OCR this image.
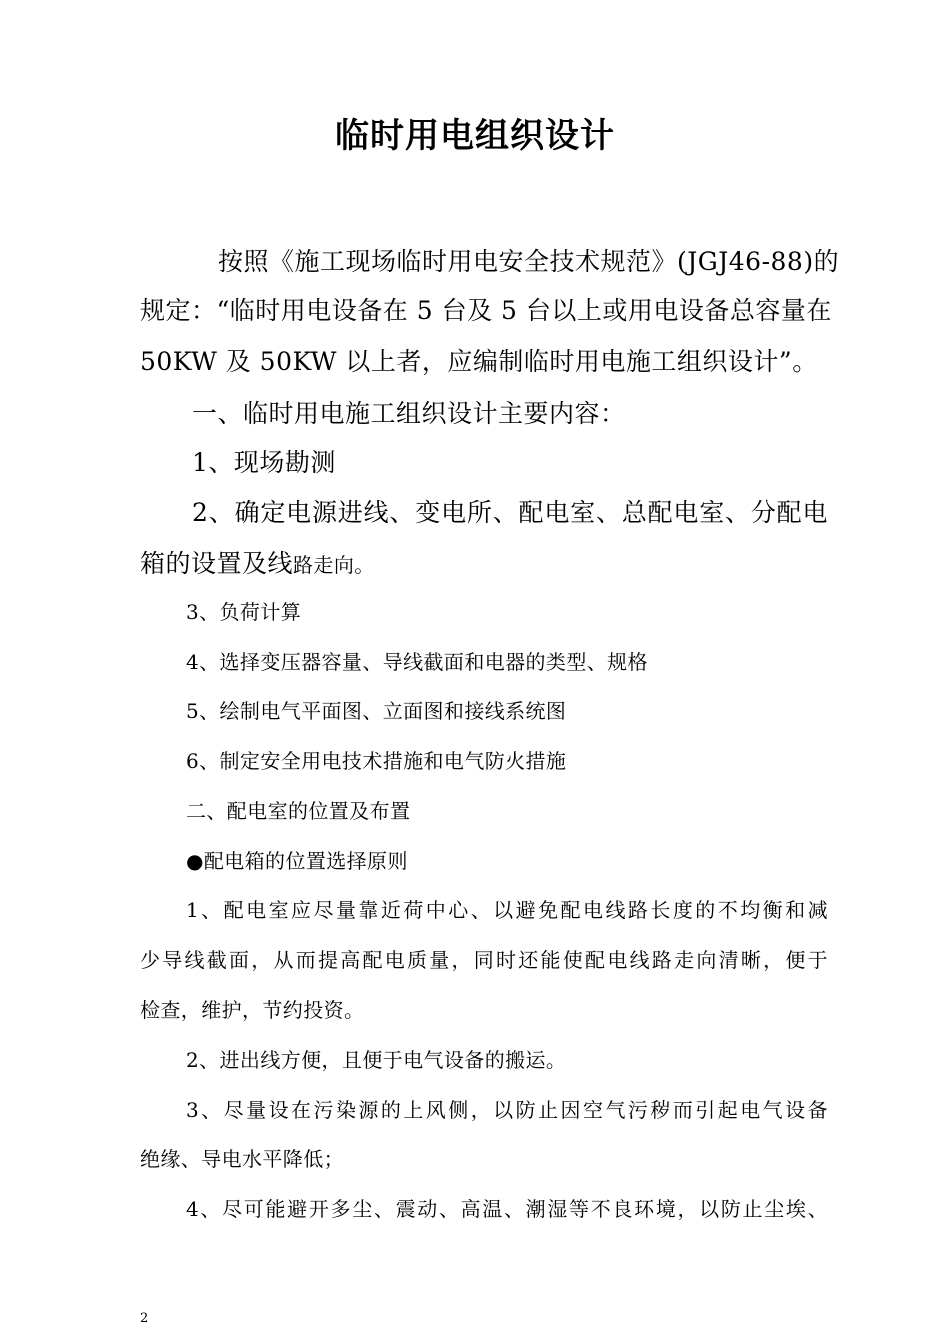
临时用电组织设计
按照《施工现场临时用电安全技术规范》(JGJ46-88)的
规定：“临时用电设备在 5 台及 5 台以上或用电设备总容量在
50KW 及 50KW 以上者，应编制临时用电施工组织设计”。
一、临时用电施工组织设计主要内容：
1、现场勘测
2、确定电源进线、变电所、配电室、总配电室、分配电
箱的设置及线路走向。
3、负荷计算
4、选择变压器容量、导线截面和电器的类型、规格
5、绘制电气平面图、立面图和接线系统图
6、制定安全用电技术措施和电气防火措施
二、配电室的位置及布置
●配电箱的位置选择原则
1、配电室应尽量靠近荷中心、以避免配电线路长度的不均衡和减
少导线截面，从而提高配电质量，同时还能使配电线路走向清晰，便于
检查，维护，节约投资。
2、进出线方便，且便于电气设备的搬运。
3、尽量设在污染源的上风侧，以防止因空气污秽而引起电气设备
绝缘、导电水平降低；
4、尽可能避开多尘、震动、高温、潮湿等不良环境，以防止尘埃、
2
